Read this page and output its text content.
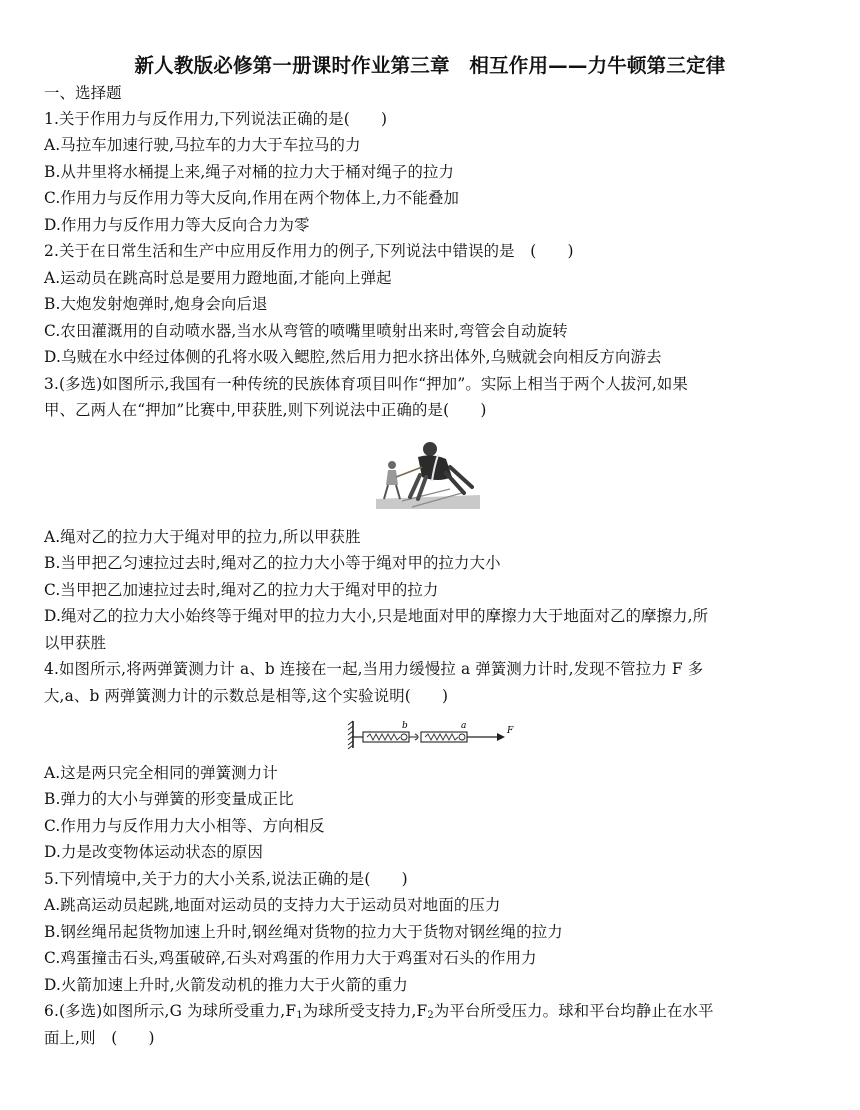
新人教版必修第一册课时作业第三章　相互作用——力牛顿第三定律
一、选择题
1.关于作用力与反作用力,下列说法正确的是(　　)
A.马拉车加速行驶,马拉车的力大于车拉马的力
B.从井里将水桶提上来,绳子对桶的拉力大于桶对绳子的拉力
C.作用力与反作用力等大反向,作用在两个物体上,力不能叠加
D.作用力与反作用力等大反向合力为零
2.关于在日常生活和生产中应用反作用力的例子,下列说法中错误的是　(　　)
A.运动员在跳高时总是要用力蹬地面,才能向上弹起
B.大炮发射炮弹时,炮身会向后退
C.农田灌溉用的自动喷水器,当水从弯管的喷嘴里喷射出来时,弯管会自动旋转
D.乌贼在水中经过体侧的孔将水吸入鳃腔,然后用力把水挤出体外,乌贼就会向相反方向游去
3.(多选)如图所示,我国有一种传统的民族体育项目叫作“押加”。实际上相当于两个人拔河,如果
甲、乙两人在“押加”比赛中,甲获胜,则下列说法中正确的是(　　)
A.绳对乙的拉力大于绳对甲的拉力,所以甲获胜
B.当甲把乙匀速拉过去时,绳对乙的拉力大小等于绳对甲的拉力大小
C.当甲把乙加速拉过去时,绳对乙的拉力大于绳对甲的拉力
D.绳对乙的拉力大小始终等于绳对甲的拉力大小,只是地面对甲的摩擦力大于地面对乙的摩擦力,所
以甲获胜
4.如图所示,将两弹簧测力计 a、b 连接在一起,当用力缓慢拉 a 弹簧测力计时,发现不管拉力 F 多
大,a、b 两弹簧测力计的示数总是相等,这个实验说明(　　)
b	a	F
A.这是两只完全相同的弹簧测力计
B.弹力的大小与弹簧的形变量成正比
C.作用力与反作用力大小相等、方向相反
D.力是改变物体运动状态的原因
5.下列情境中,关于力的大小关系,说法正确的是(　　)
A.跳高运动员起跳,地面对运动员的支持力大于运动员对地面的压力
B.钢丝绳吊起货物加速上升时,钢丝绳对货物的拉力大于货物对钢丝绳的拉力
C.鸡蛋撞击石头,鸡蛋破碎,石头对鸡蛋的作用力大于鸡蛋对石头的作用力
D.火箭加速上升时,火箭发动机的推力大于火箭的重力
6.(多选)如图所示,G 为球所受重力$,F_1$为球所受支持力$,F_2$为平台所受压力。球和平台均静止在水平
面上,则　(　　)
